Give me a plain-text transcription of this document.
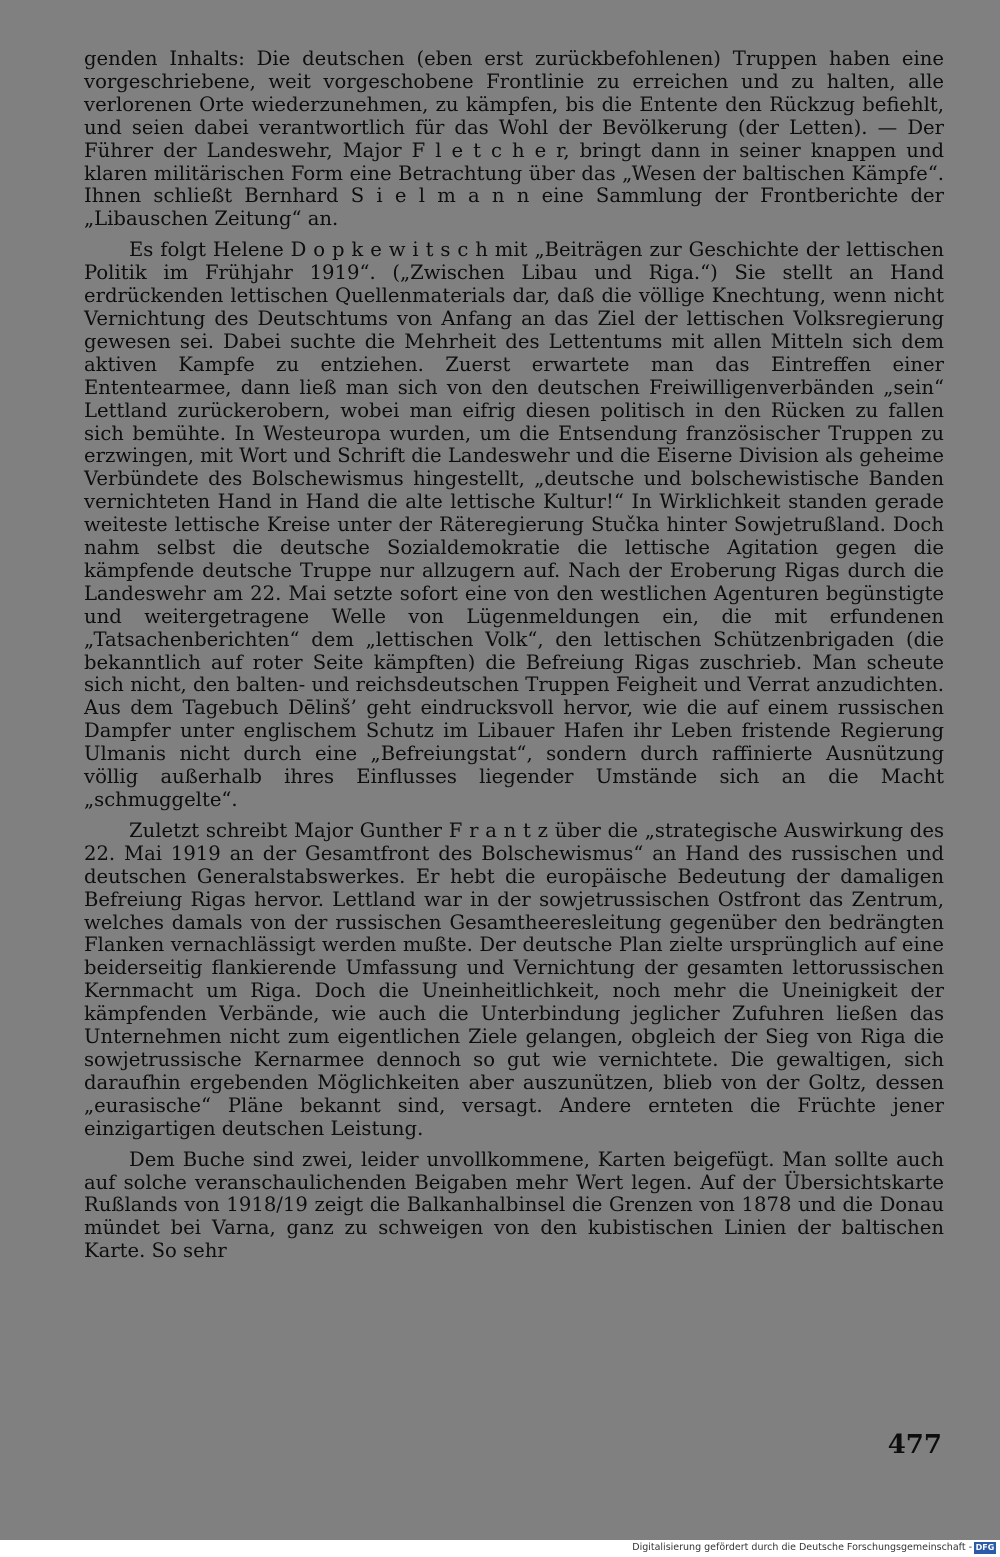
genden Inhalts: Die deutschen (eben erst zurückbefohlenen) Truppen haben eine vorgeschriebene, weit vorgeschobene Frontlinie zu erreichen und zu halten, alle verlorenen Orte wiederzunehmen, zu kämpfen, bis die Entente den Rückzug befiehlt, und seien dabei verantwortlich für das Wohl der Bevölkerung (der Letten). — Der Führer der Landeswehr, Major F l e t c h e r, bringt dann in seiner knappen und klaren militärischen Form eine Betrachtung über das „Wesen der baltischen Kämpfe“. Ihnen schließt Bernhard S i e l m a n n eine Sammlung der Frontberichte der „Libauschen Zeitung“ an.

Es folgt Helene D o p k e w i t s c h mit „Beiträgen zur Geschichte der lettischen Politik im Frühjahr 1919“. („Zwischen Libau und Riga.“) Sie stellt an Hand erdrückenden lettischen Quellenmaterials dar, daß die völlige Knechtung, wenn nicht Vernichtung des Deutschtums von Anfang an das Ziel der lettischen Volksregierung gewesen sei. Dabei suchte die Mehrheit des Lettentums mit allen Mitteln sich dem aktiven Kampfe zu entziehen. Zuerst erwartete man das Eintreffen einer Ententearmee, dann ließ man sich von den deutschen Freiwilligenverbänden „sein“ Lettland zurückerobern, wobei man eifrig diesen politisch in den Rücken zu fallen sich bemühte. In Westeuropa wurden, um die Entsendung französischer Truppen zu erzwingen, mit Wort und Schrift die Landeswehr und die Eiserne Division als geheime Verbündete des Bolschewismus hingestellt, „deutsche und bolschewistische Banden vernichteten Hand in Hand die alte lettische Kultur!“ In Wirklichkeit standen gerade weiteste lettische Kreise unter der Räteregierung Stučka hinter Sowjetrußland. Doch nahm selbst die deutsche Sozialdemokratie die lettische Agitation gegen die kämpfende deutsche Truppe nur allzugern auf. Nach der Eroberung Rigas durch die Landeswehr am 22. Mai setzte sofort eine von den westlichen Agenturen begünstigte und weitergetragene Welle von Lügenmeldungen ein, die mit erfundenen „Tatsachenberichten“ dem „lettischen Volk“, den lettischen Schützenbrigaden (die bekanntlich auf roter Seite kämpften) die Befreiung Rigas zuschrieb. Man scheute sich nicht, den balten- und reichsdeutschen Truppen Feigheit und Verrat anzudichten. Aus dem Tagebuch Dēlinš’ geht eindrucksvoll hervor, wie die auf einem russischen Dampfer unter englischem Schutz im Libauer Hafen ihr Leben fristende Regierung Ulmanis nicht durch eine „Befreiungstat“, sondern durch raffinierte Ausnützung völlig außerhalb ihres Einflusses liegender Umstände sich an die Macht „schmuggelte“.

Zuletzt schreibt Major Gunther F r a n t z über die „strategische Auswirkung des 22. Mai 1919 an der Gesamtfront des Bolschewismus“ an Hand des russischen und deutschen Generalstabswerkes. Er hebt die europäische Bedeutung der damaligen Befreiung Rigas hervor. Lettland war in der sowjetrussischen Ostfront das Zentrum, welches damals von der russischen Gesamtheeresleitung gegenüber den bedrängten Flanken vernachlässigt werden mußte. Der deutsche Plan zielte ursprünglich auf eine beiderseitig flankierende Umfassung und Vernichtung der gesamten lettorussischen Kernmacht um Riga. Doch die Uneinheitlichkeit, noch mehr die Uneinigkeit der kämpfenden Verbände, wie auch die Unterbindung jeglicher Zufuhren ließen das Unternehmen nicht zum eigentlichen Ziele gelangen, obgleich der Sieg von Riga die sowjetrussische Kernarmee dennoch so gut wie vernichtete. Die gewaltigen, sich daraufhin ergebenden Möglichkeiten aber auszunützen, blieb von der Goltz, dessen „eurasische“ Pläne bekannt sind, versagt. Andere ernteten die Früchte jener einzigartigen deutschen Leistung.

Dem Buche sind zwei, leider unvollkommene, Karten beigefügt. Man sollte auch auf solche veranschaulichenden Beigaben mehr Wert legen. Auf der Übersichtskarte Rußlands von 1918/19 zeigt die Balkanhalbinsel die Grenzen von 1878 und die Donau mündet bei Varna, ganz zu schweigen von den kubistischen Linien der baltischen Karte. So sehr

477
Digitalisierung gefördert durch die Deutsche Forschungsgemeinschaft - DFG
